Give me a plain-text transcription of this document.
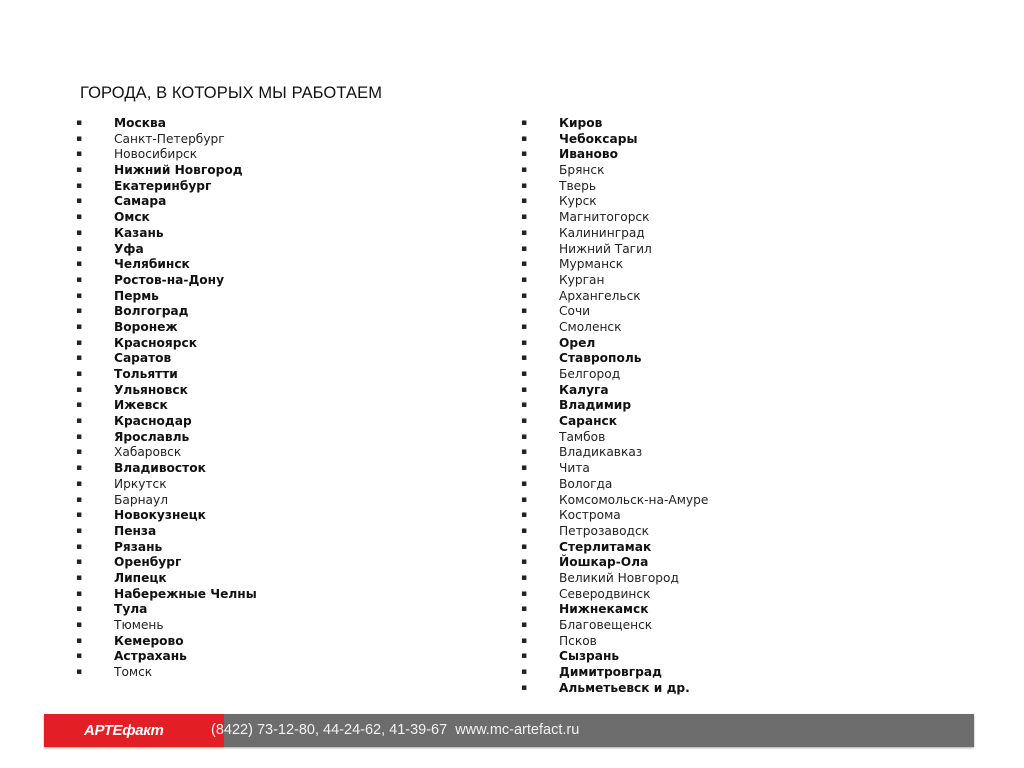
ГОРОДА, В КОТОРЫХ МЫ РАБОТАЕМ
▪	Москва
▪	Санкт-Петербург
▪	Новосибирск
▪	Нижний Новгород
▪	Екатеринбург
▪	Самара
▪	Омск
▪	Казань
▪	Уфа
▪	Челябинск
▪	Ростов-на-Дону
▪	Пермь
▪	Волгоград
▪	Воронеж
▪	Красноярск
▪	Саратов
▪	Тольятти
▪	Ульяновск
▪	Ижевск
▪	Краснодар
▪	Ярославль
▪	Хабаровск
▪	Владивосток
▪	Иркутск
▪	Барнаул
▪	Новокузнецк
▪	Пенза
▪	Рязань
▪	Оренбург
▪	Липецк
▪	Набережные Челны
▪	Тула
▪	Тюмень
▪	Кемерово
▪	Астрахань
▪	Томск
▪	Киров
▪	Чебоксары
▪	Иваново
▪	Брянск
▪	Тверь
▪	Курск
▪	Магнитогорск
▪	Калининград
▪	Нижний Тагил
▪	Мурманск
▪	Курган
▪	Архангельск
▪	Сочи
▪	Смоленск
▪	Орел
▪	Ставрополь
▪	Белгород
▪	Калуга
▪	Владимир
▪	Саранск
▪	Тамбов
▪	Владикавказ
▪	Чита
▪	Вологда
▪	Комсомольск-на-Амуре
▪	Кострома
▪	Петрозаводск
▪	Стерлитамак
▪	Йошкар-Ола
▪	Великий Новгород
▪	Северодвинск
▪	Нижнекамск
▪	Благовещенск
▪	Псков
▪	Сызрань
▪	Димитровград
▪	Альметьевск и др.
АРТЕфакт	(8422) 73-12-80, 44-24-62, 41-39-67 www.mc-artefact.ru
